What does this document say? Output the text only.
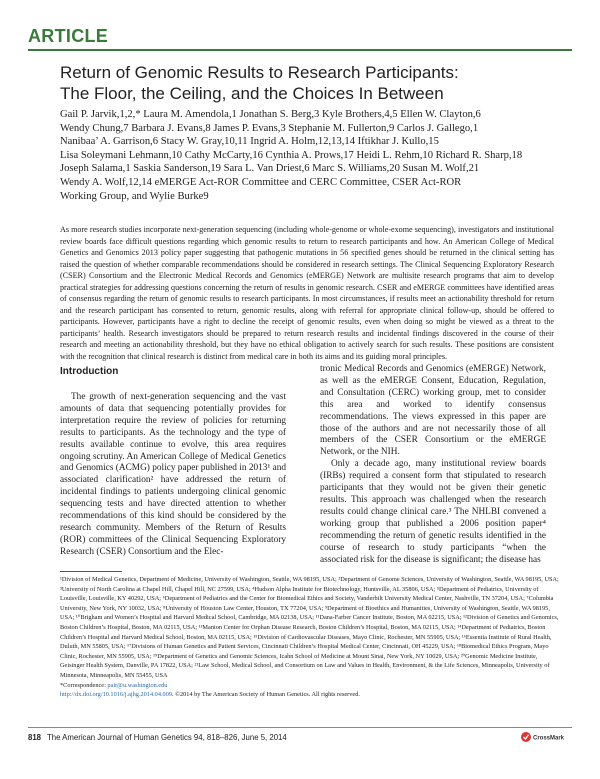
ARTICLE
Return of Genomic Results to Research Participants:
The Floor, the Ceiling, and the Choices In Between
Gail P. Jarvik,1,2,* Laura M. Amendola,1 Jonathan S. Berg,3 Kyle Brothers,4,5 Ellen W. Clayton,6
Wendy Chung,7 Barbara J. Evans,8 James P. Evans,3 Stephanie M. Fullerton,9 Carlos J. Gallego,1
Nanibaa’ A. Garrison,6 Stacy W. Gray,10,11 Ingrid A. Holm,12,13,14 Iftikhar J. Kullo,15
Lisa Soleymani Lehmann,10 Cathy McCarty,16 Cynthia A. Prows,17 Heidi L. Rehm,10 Richard R. Sharp,18
Joseph Salama,1 Saskia Sanderson,19 Sara L. Van Driest,6 Marc S. Williams,20 Susan M. Wolf,21
Wendy A. Wolf,12,14 eMERGE Act-ROR Committee and CERC Committee, CSER Act-ROR
Working Group, and Wylie Burke9
As more research studies incorporate next-generation sequencing (including whole-genome or whole-exome sequencing), investigators and institutional review boards face difficult questions regarding which genomic results to return to research participants and how. An American College of Medical Genetics and Genomics 2013 policy paper suggesting that pathogenic mutations in 56 specified genes should be returned in the clinical setting has raised the question of whether comparable recommendations should be considered in research settings. The Clinical Sequencing Exploratory Research (CSER) Consortium and the Electronic Medical Records and Genomics (eMERGE) Network are multisite research programs that aim to develop practical strategies for addressing questions concerning the return of results in genomic research. CSER and eMERGE committees have identified areas of consensus regarding the return of genomic results to research participants. In most circumstances, if results meet an actionability threshold for return and the research participant has consented to return, genomic results, along with referral for appropriate clinical follow-up, should be offered to participants. However, participants have a right to decline the receipt of genomic results, even when doing so might be viewed as a threat to the participants’ health. Research investigators should be prepared to return research results and incidental findings discovered in the course of their research and meeting an actionability threshold, but they have no ethical obligation to actively search for such results. These positions are consistent with the recognition that clinical research is distinct from medical care in both its aims and its guiding moral principles.
Introduction

The growth of next-generation sequencing and the vast amounts of data that sequencing potentially provides for interpretation require the review of policies for returning results to participants. As the technology and the type of results available continue to evolve, this area requires ongoing scrutiny. An American College of Medical Genetics and Genomics (ACMG) policy paper published in 2013¹ and associated clarification² have addressed the return of incidental findings to patients undergoing clinical genomic sequencing tests and have directed attention to whether recommendations of this kind should be considered by the research community. Members of the Return of Results (ROR) committees of the Clinical Sequencing Exploratory Research (CSER) Consortium and the Elec-

tronic Medical Records and Genomics (eMERGE) Network, as well as the eMERGE Consent, Education, Regulation, and Consultation (CERC) working group, met to consider this area and worked to identify consensus recommendations. The views expressed in this paper are those of the authors and are not necessarily those of all members of the CSER Consortium or the eMERGE Network, or the NIH.

Only a decade ago, many institutional review boards (IRBs) required a consent form that stipulated to research participants that they would not be given their genetic results. This approach was challenged when the research results could change clinical care.³ The NHLBI convened a working group that published a 2006 position paper⁴ recommending the return of genetic results identified in the course of research to study participants “when the associated risk for the disease is significant; the disease has

¹Division of Medical Genetics, Department of Medicine, University of Washington, Seattle, WA 98195, USA; ²Department of Genome Sciences, University of Washington, Seattle, WA 98195, USA; ³University of North Carolina at Chapel Hill, Chapel Hill, NC 27599, USA; ⁴Hudson Alpha Institute for Biotechnology, Huntsville, AL 35806, USA; ⁵Department of Pediatrics, University of Louisville, Louisville, KY 40292, USA; ⁶Department of Pediatrics and the Center for Biomedical Ethics and Society, Vanderbilt University Medical Center, Nashville, TN 37204, USA; ⁷Columbia University, New York, NY 10032, USA; ⁸University of Houston Law Center, Houston, TX 77204, USA; ⁹Department of Bioethics and Humanities, University of Washington, Seattle, WA 98195, USA; ¹⁰Brigham and Women’s Hospital and Harvard Medical School, Cambridge, MA 02138, USA; ¹¹Dana-Farber Cancer Institute, Boston, MA 02215, USA; ¹²Division of Genetics and Genomics, Boston Children’s Hospital, Boston, MA 02115, USA; ¹³Manton Center for Orphan Disease Research, Boston Children’s Hospital, Boston, MA 02115, USA; ¹⁴Department of Pediatrics, Boston Children’s Hospital and Harvard Medical School, Boston, MA 02115, USA; ¹⁵Division of Cardiovascular Diseases, Mayo Clinic, Rochester, MN 55905, USA; ¹⁶Essentia Institute of Rural Health, Duluth, MN 55805, USA; ¹⁷Divisions of Human Genetics and Patient Services, Cincinnati Children’s Hospital Medical Center, Cincinnati, OH 45229, USA; ¹⁸Biomedical Ethics Program, Mayo Clinic, Rochester, MN 55905, USA; ¹⁹Department of Genetics and Genomic Sciences, Icahn School of Medicine at Mount Sinai, New York, NY 10029, USA; ²⁰Genomic Medicine Institute, Geisinger Health System, Danville, PA 17822, USA; ²¹Law School, Medical School, and Consortium on Law and Values in Health, Environment, & the Life Sciences, Minneapolis, University of Minnesota, Minneapolis, MN 55455, USA
*Correspondence: pair@u.washington.edu
http://dx.doi.org/10.1016/j.ajhg.2014.04.009. ©2014 by The American Society of Human Genetics. All rights reserved.
818 The American Journal of Human Genetics 94, 818–826, June 5, 2014	CrossMark
